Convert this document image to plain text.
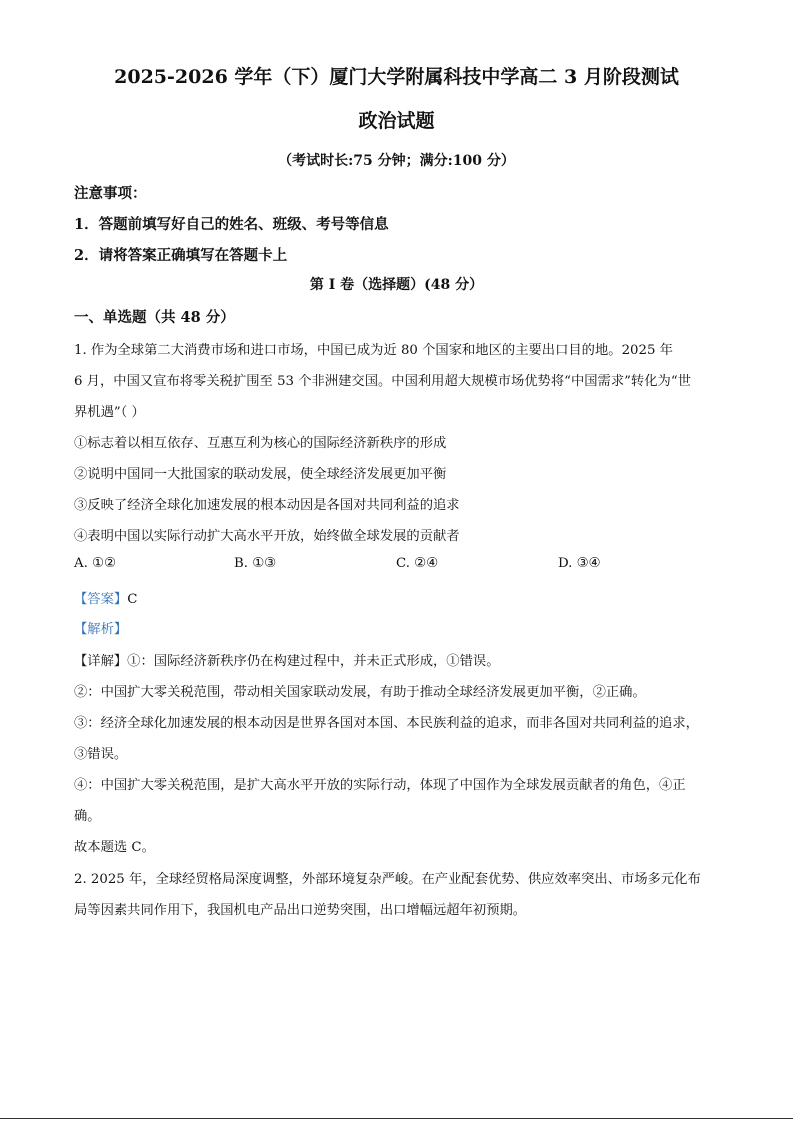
2025-2026 学年（下）厦门大学附属科技中学高二 3 月阶段测试
政治试题
（考试时长:75 分钟；满分:100 分）
注意事项：
1．答题前填写好自己的姓名、班级、考号等信息
2．请将答案正确填写在答题卡上
第 I 卷（选择题）(48 分）
一、单选题（共 48 分）
1. 作为全球第二大消费市场和进口市场，中国已成为近 80 个国家和地区的主要出口目的地。2025 年
6 月，中国又宣布将零关税扩围至 53 个非洲建交国。中国利用超大规模市场优势将“中国需求”转化为“世
界机遇”（ ）
①标志着以相互依存、互惠互利为核心的国际经济新秩序的形成
②说明中国同一大批国家的联动发展，使全球经济发展更加平衡
③反映了经济全球化加速发展的根本动因是各国对共同利益的追求
④表明中国以实际行动扩大高水平开放，始终做全球发展的贡献者
A. ①②	B. ①③	C. ②④	D. ③④
【答案】C
【解析】
【详解】①：国际经济新秩序仍在构建过程中，并未正式形成，①错误。
②：中国扩大零关税范围，带动相关国家联动发展，有助于推动全球经济发展更加平衡，②正确。
③：经济全球化加速发展的根本动因是世界各国对本国、本民族利益的追求，而非各国对共同利益的追求，
③错误。
④：中国扩大零关税范围，是扩大高水平开放的实际行动，体现了中国作为全球发展贡献者的角色，④正
确。
故本题选 C。
2. 2025 年，全球经贸格局深度调整，外部环境复杂严峻。在产业配套优势、供应效率突出、市场多元化布
局等因素共同作用下，我国机电产品出口逆势突围，出口增幅远超年初预期。
